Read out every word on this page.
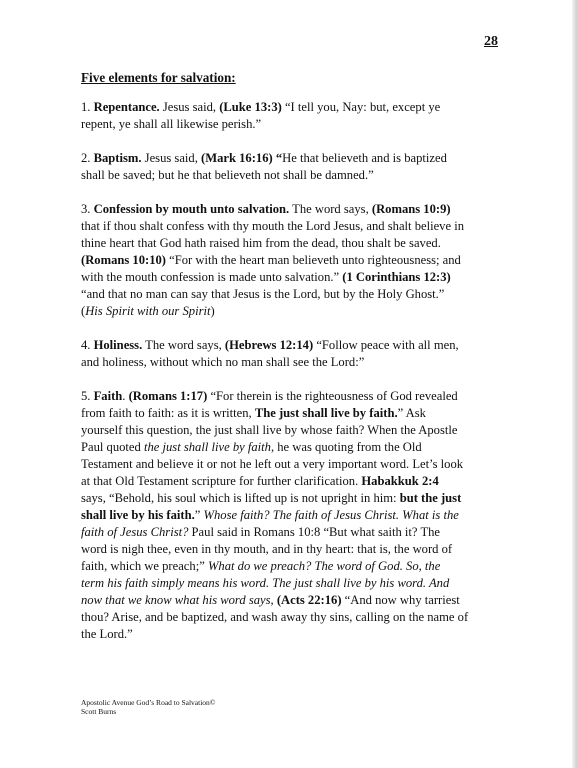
28
Five elements for salvation:
1. Repentance. Jesus said, (Luke 13:3) “I tell you, Nay: but, except ye
repent, ye shall all likewise perish.”
2. Baptism. Jesus said, (Mark 16:16) “He that believeth and is baptized
shall be saved; but he that believeth not shall be damned.”
3. Confession by mouth unto salvation. The word says, (Romans 10:9)
that if thou shalt confess with thy mouth the Lord Jesus, and shalt believe in
thine heart that God hath raised him from the dead, thou shalt be saved.
(Romans 10:10) “For with the heart man believeth unto righteousness; and
with the mouth confession is made unto salvation.” (1 Corinthians 12:3)
“and that no man can say that Jesus is the Lord, but by the Holy Ghost.”
(His Spirit with our Spirit)
4. Holiness. The word says, (Hebrews 12:14) “Follow peace with all men,
and holiness, without which no man shall see the Lord:”
5. Faith. (Romans 1:17) “For therein is the righteousness of God revealed
from faith to faith: as it is written, The just shall live by faith.” Ask
yourself this question, the just shall live by whose faith? When the Apostle
Paul quoted the just shall live by faith, he was quoting from the Old
Testament and believe it or not he left out a very important word. Let’s look
at that Old Testament scripture for further clarification. Habakkuk 2:4
says, “Behold, his soul which is lifted up is not upright in him: but the just
shall live by his faith.” Whose faith? The faith of Jesus Christ. What is the
faith of Jesus Christ? Paul said in Romans 10:8 “But what saith it? The
word is nigh thee, even in thy mouth, and in thy heart: that is, the word of
faith, which we preach;” What do we preach? The word of God. So, the
term his faith simply means his word. The just shall live by his word. And
now that we know what his word says, (Acts 22:16) “And now why tarriest
thou? Arise, and be baptized, and wash away thy sins, calling on the name of
the Lord.”
Apostolic Avenue God’s Road to Salvation©
Scott Burns
